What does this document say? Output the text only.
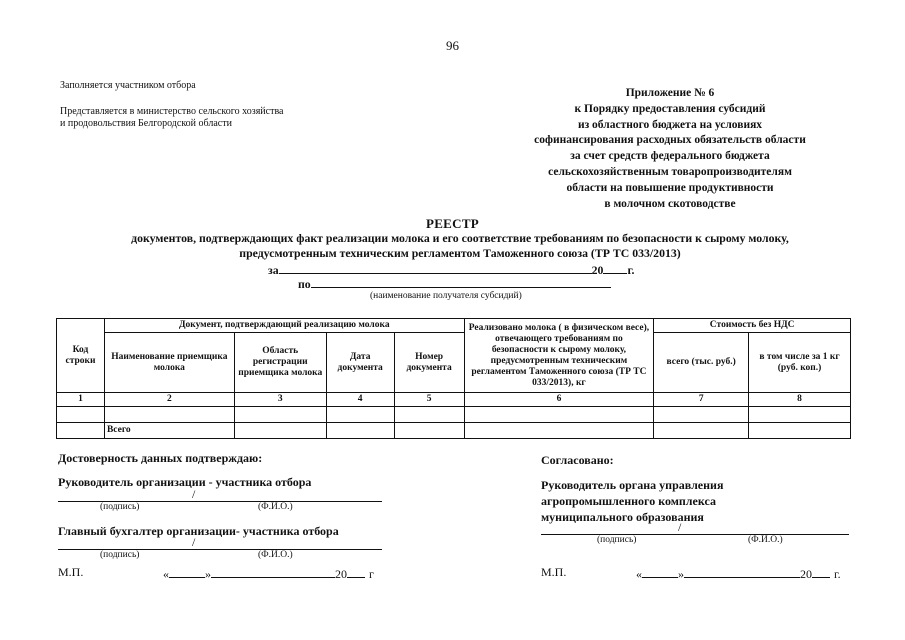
96
Заполняется участником отбора
Представляется в министерство сельского хозяйства
и продовольствия Белгородской области
Приложение № 6
к Порядку предоставления субсидий
из областного бюджета на условиях
софинансирования расходных обязательств области
за счет средств федерального бюджета
сельскохозяйственным товаропроизводителям
области на повышение продуктивности
в молочном скотоводстве
РЕЕСТР
документов, подтверждающих факт реализации молока и его соответствие требованиям по безопасности к сырому молоку,
предусмотренным техническим регламентом Таможенного союза (ТР ТС 033/2013)
за	20 г.
по
(наименование получателя субсидий)
Код строки	Документ, подтверждающий реализацию молока				Реализовано молока ( в физическом весе), отвечающего требованиям по безопасности к сырому молоку, предусмотренным техническим регламентом Таможенного союза (ТР ТС 033/2013), кг	Стоимость без НДС	
	Наименование приемщика молока	Область регистрации приемщика молока	Дата документа	Номер документа		всего (тыс. руб.)	в том числе за 1 кг (руб. коп.)
1	2	3	4	5	6	7	8

	Всего						
Достоверность данных подтверждаю:
Руководитель организации - участника отбора
/
(подпись)	(Ф.И.О.)
Главный бухгалтер организации- участника отбора
/
(подпись)	(Ф.И.О.)
М.П.	«	»	20 г
Согласовано:
Руководитель органа управления
агропромышленного комплекса
муниципального образования
/
(подпись)	(Ф.И.О.)
М.П.	«	»	20 г.
